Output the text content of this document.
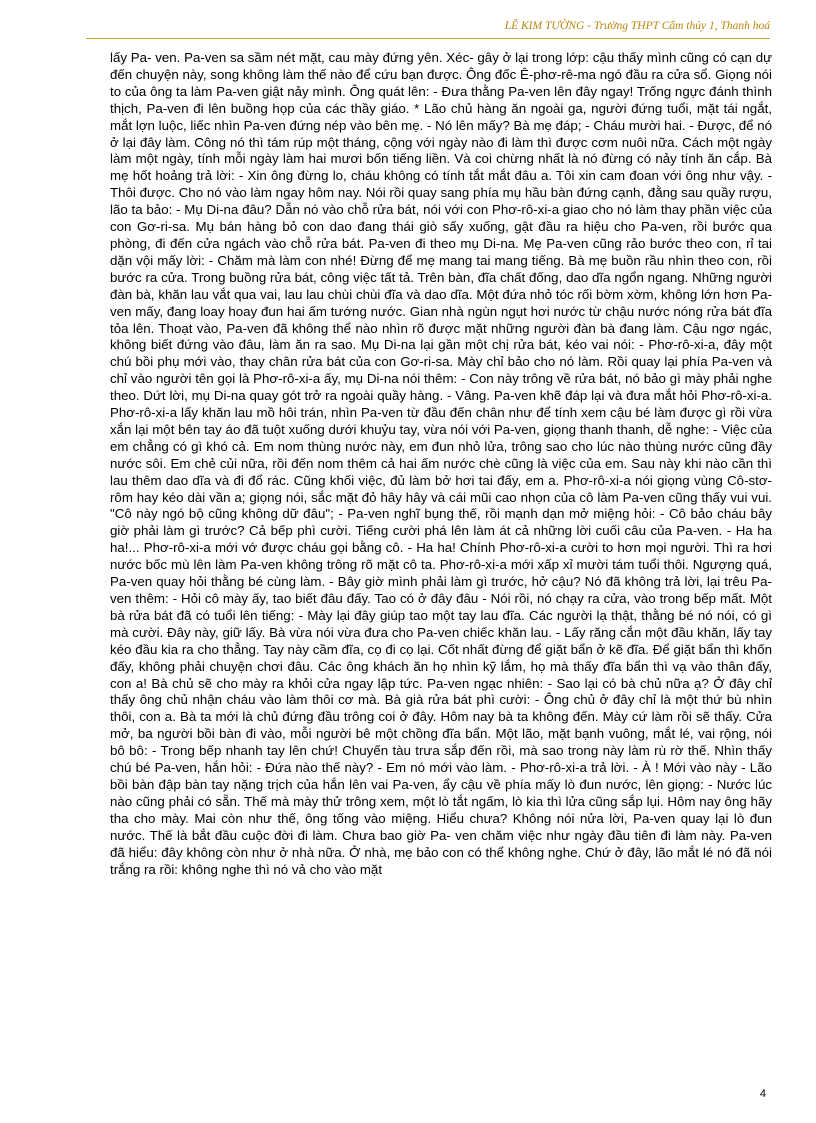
LÊ KIM TƯỜNG - Trường THPT Cẩm thủy 1, Thanh hoá

lấy Pa- ven. Pa-ven sa sầm nét mặt, cau mày đứng yên. Xéc- gây ở lại trong lớp: cậu thấy mình cũng có cạn dự đến chuyện này, song không làm thế nào để cứu bạn được. Ông đốc Ê-phơ-rê-ma ngó đầu ra cửa sổ. Giọng nói to của ông ta làm Pa-ven giật nảy mình. Ông quát lên: - Đưa thằng Pa-ven lên đây ngay! Trống ngực đánh thình thịch, Pa-ven đi lên buồng họp của các thầy giáo. * Lão chủ hàng ăn ngoài ga, người đứng tuổi, mặt tái ngắt, mắt lợn luộc, liếc nhìn Pa-ven đứng nép vào bên mẹ. - Nó lên mấy? Bà mẹ đáp; - Cháu mười hai. - Được, để nó ở lại đây làm. Công nó thì tám rúp một tháng, cộng với ngày nào đi làm thì được cơm nuôi nữa. Cách một ngày làm một ngày, tính mỗi ngày làm hai mươi bốn tiếng liền. Và coi chừng nhất là nó đừng có nảy tính ăn cắp. Bà mẹ hốt hoảng trả lời: - Xin ông đừng lo, cháu không có tính tắt mắt đâu a. Tôi xin cam đoan với ông như vậy. - Thôi được. Cho nó vào làm ngay hôm nay. Nói rồi quay sang phía mụ hầu bàn đứng cạnh, đằng sau quầy rượu, lão ta bảo: - Mụ Di-na đâu? Dẫn nó vào chỗ rửa bát, nói với con Phơ-rô-xi-a giao cho nó làm thay phần việc của con Gơ-ri-sa. Mụ bán hàng bỏ con dao đang thái giò sấy xuống, gật đầu ra hiệu cho Pa-ven, rồi bước qua phòng, đi đến cửa ngách vào chỗ rửa bát. Pa-ven đi theo mụ Di-na. Mẹ Pa-ven cũng rảo bước theo con, rỉ tai dặn vội mấy lời: - Chăm mà làm con nhé! Đừng để mẹ mang tai mang tiếng. Bà mẹ buồn rầu nhìn theo con, rồi bước ra cửa. Trong buồng rửa bát, công việc tất tả. Trên bàn, đĩa chất đống, dao dĩa ngổn ngang. Những người đàn bà, khăn lau vắt qua vai, lau lau chùi chùi đĩa và dao dĩa. Một đứa nhỏ tóc rối bờm xờm, không lớn hơn Pa- ven mấy, đang loay hoay đun hai ấm tướng nước. Gian nhà ngùn ngụt hơi nước từ chậu nước nóng rửa bát đĩa tỏa lên. Thoạt vào, Pa-ven đã không thể nào nhìn rõ được mặt những người đàn bà đang làm. Cậu ngơ ngác, không biết đứng vào đâu, làm ăn ra sao. Mụ Di-na lại gần một chị rửa bát, kéo vai nói: - Phơ-rô-xi-a, đây một chú bồi phụ mới vào, thay chân rửa bát của con Gơ-ri-sa. Mày chỉ bảo cho nó làm. Rồi quay lại phía Pa-ven và chỉ vào người tên gọi là Phơ-rô-xi-a ấy, mụ Di-na nói thêm: - Con này trông về rửa bát, nó bảo gì mày phải nghe theo. Dứt lời, mụ Di-na quay gót trở ra ngoài quầy hàng. - Vâng. Pa-ven khẽ đáp lại và đưa mắt hỏi Phơ-rô-xi-a. Phơ-rô-xi-a lấy khăn lau mồ hôi trán, nhìn Pa-ven từ đầu đến chân như để tính xem cậu bé làm được gì rồi vừa xắn lại một bên tay áo đã tuột xuống dưới khuỷu tay, vừa nói với Pa-ven, giọng thanh thanh, dễ nghe: - Việc của em chẳng có gì khó cả. Em nom thùng nước này, em đun nhỏ lửa, trông sao cho lúc nào thùng nước cũng đầy nước sôi. Em chẻ củi nữa, rồi đến nom thêm cả hai ấm nước chè cũng là việc của em. Sau này khi nào cần thì lau thêm dao dĩa và đi đổ rác. Cũng khối việc, đủ làm bở hơi tai đấy, em a. Phơ-rô-xi-a nói giọng vùng Cô-stơ-rôm hay kéo dài vần a; giọng nói, sắc mặt đỏ hây hây và cái mũi cao nhọn của cô làm Pa-ven cũng thấy vui vui. "Cô này ngó bộ cũng không dữ đâu"; - Pa-ven nghĩ bụng thế, rồi mạnh dạn mở miệng hỏi: - Cô bảo cháu bây giờ phải làm gì trước? Cả bếp phì cười. Tiếng cười phá lên làm át cả những lời cuối câu của Pa-ven. - Ha ha ha!... Phơ-rô-xi-a mới vớ được cháu gọi bằng cô. - Ha ha! Chính Phơ-rô-xi-a cười to hơn mọi người. Thì ra hơi nước bốc mù lên làm Pa-ven không trông rõ mặt cô ta. Phơ-rô-xi-a mới xấp xỉ mười tám tuổi thôi. Ngượng quá, Pa-ven quay hỏi thằng bé cùng làm. - Bây giờ mình phải làm gì trước, hở cậu? Nó đã không trả lời, lại trêu Pa-ven thêm: - Hỏi cô mày ấy, tao biết đâu đấy. Tao có ở đây đâu - Nói rồi, nó chạy ra cửa, vào trong bếp mất. Một bà rửa bát đã có tuổi lên tiếng: - Mày lại đây giúp tao một tay lau đĩa. Các người lạ thật, thằng bé nó nói, có gì mà cười. Đây này, giữ lấy. Bà vừa nói vừa đưa cho Pa-ven chiếc khăn lau. - Lấy răng cắn một đầu khăn, lấy tay kéo đầu kia ra cho thẳng. Tay này cầm đĩa, cọ đi cọ lại. Cốt nhất đừng để giặt bẩn ở kẽ đĩa. Để giặt bẩn thì khốn đấy, không phải chuyện chơi đâu. Các ông khách ăn họ nhìn kỹ lắm, họ mà thấy đĩa bẩn thì vạ vào thân đấy, con a! Bà chủ sẽ cho mày ra khỏi cửa ngay lập tức. Pa-ven ngạc nhiên: - Sao lại có bà chủ nữa ạ? Ở đây chỉ thấy ông chủ nhận cháu vào làm thôi cơ mà. Bà già rửa bát phì cười: - Ông chủ ở đây chỉ là một thứ bù nhìn thôi, con a. Bà ta mới là chủ đứng đầu trông coi ở đây. Hôm nay bà ta không đến. Mày cứ làm rồi sẽ thấy. Cửa mở, ba người bồi bàn đi vào, mỗi người bê một chồng đĩa bẩn. Một lão, mặt bạnh vuông, mắt lé, vai rộng, nói bô bô: - Trong bếp nhanh tay lên chứ! Chuyến tàu trưa sắp đến rồi, mà sao trong này làm rù rờ thế. Nhìn thấy chú bé Pa-ven, hắn hỏi: - Đứa nào thế này? - Em nó mới vào làm. - Phơ-rô-xi-a trả lời. - À ! Mới vào này - Lão bồi bàn đập bàn tay nặng trịch của hắn lên vai Pa-ven, ẩy cậu về phía mấy lò đun nước, lên giọng: - Nước lúc nào cũng phải có sẵn. Thế mà mày thử trông xem, một lò tắt ngấm, lò kia thì lửa cũng sắp lụi. Hôm nay ông hãy tha cho mày. Mai còn như thế, ông tống vào miệng. Hiểu chưa? Không nói nửa lời, Pa-ven quay lại lò đun nước. Thế là bắt đầu cuộc đời đi làm. Chưa bao giờ Pa- ven chăm việc như ngày đầu tiên đi làm này. Pa-ven đã hiểu: đây không còn như ở nhà nữa. Ở nhà, mẹ bảo con có thể không nghe. Chứ ở đây, lão mắt lé nó đã nói trắng ra rồi: không nghe thì nó vả cho vào mặt

4
